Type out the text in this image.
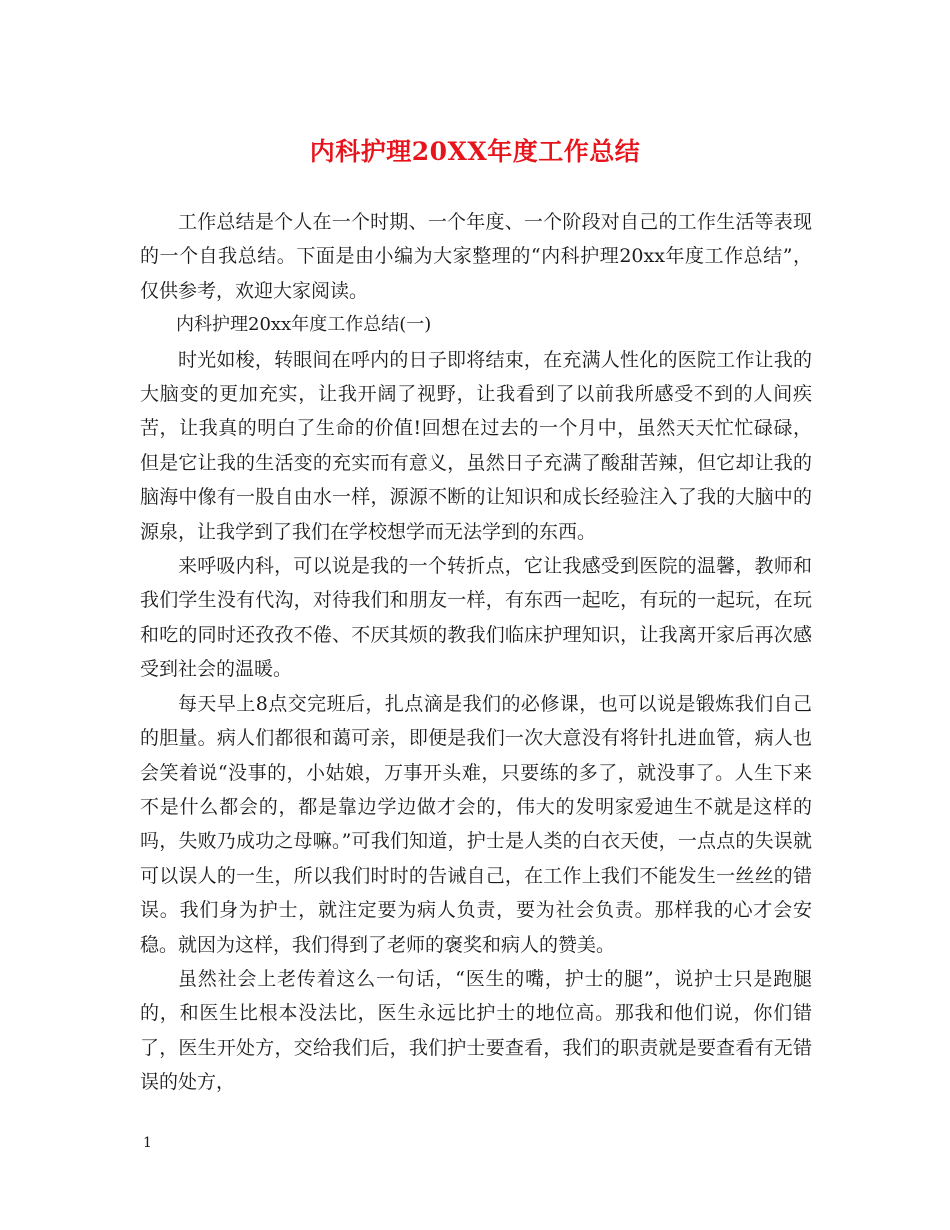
内科护理20XX年度工作总结

工作总结是个人在一个时期、一个年度、一个阶段对自己的工作生活等表现的一个自我总结。下面是由小编为大家整理的“内科护理20xx年度工作总结”，仅供参考，欢迎大家阅读。

内科护理20xx年度工作总结(一)

时光如梭，转眼间在呼内的日子即将结束，在充满人性化的医院工作让我的大脑变的更加充实，让我开阔了视野，让我看到了以前我所感受不到的人间疾苦，让我真的明白了生命的价值!回想在过去的一个月中，虽然天天忙忙碌碌，但是它让我的生活变的充实而有意义，虽然日子充满了酸甜苦辣，但它却让我的脑海中像有一股自由水一样，源源不断的让知识和成长经验注入了我的大脑中的源泉，让我学到了我们在学校想学而无法学到的东西。

来呼吸内科，可以说是我的一个转折点，它让我感受到医院的温馨，教师和我们学生没有代沟，对待我们和朋友一样，有东西一起吃，有玩的一起玩，在玩和吃的同时还孜孜不倦、不厌其烦的教我们临床护理知识，让我离开家后再次感受到社会的温暖。

每天早上8点交完班后，扎点滴是我们的必修课，也可以说是锻炼我们自己的胆量。病人们都很和蔼可亲，即便是我们一次大意没有将针扎进血管，病人也会笑着说“没事的，小姑娘，万事开头难，只要练的多了，就没事了。人生下来不是什么都会的，都是靠边学边做才会的，伟大的发明家爱迪生不就是这样的吗，失败乃成功之母嘛。”可我们知道，护士是人类的白衣天使，一点点的失误就可以误人的一生，所以我们时时的告诫自己，在工作上我们不能发生一丝丝的错误。我们身为护士，就注定要为病人负责，要为社会负责。那样我的心才会安稳。就因为这样，我们得到了老师的褒奖和病人的赞美。

虽然社会上老传着这么一句话，“医生的嘴，护士的腿”，说护士只是跑腿的，和医生比根本没法比，医生永远比护士的地位高。那我和他们说，你们错了，医生开处方，交给我们后，我们护士要查看，我们的职责就是要查看有无错误的处方，

1
